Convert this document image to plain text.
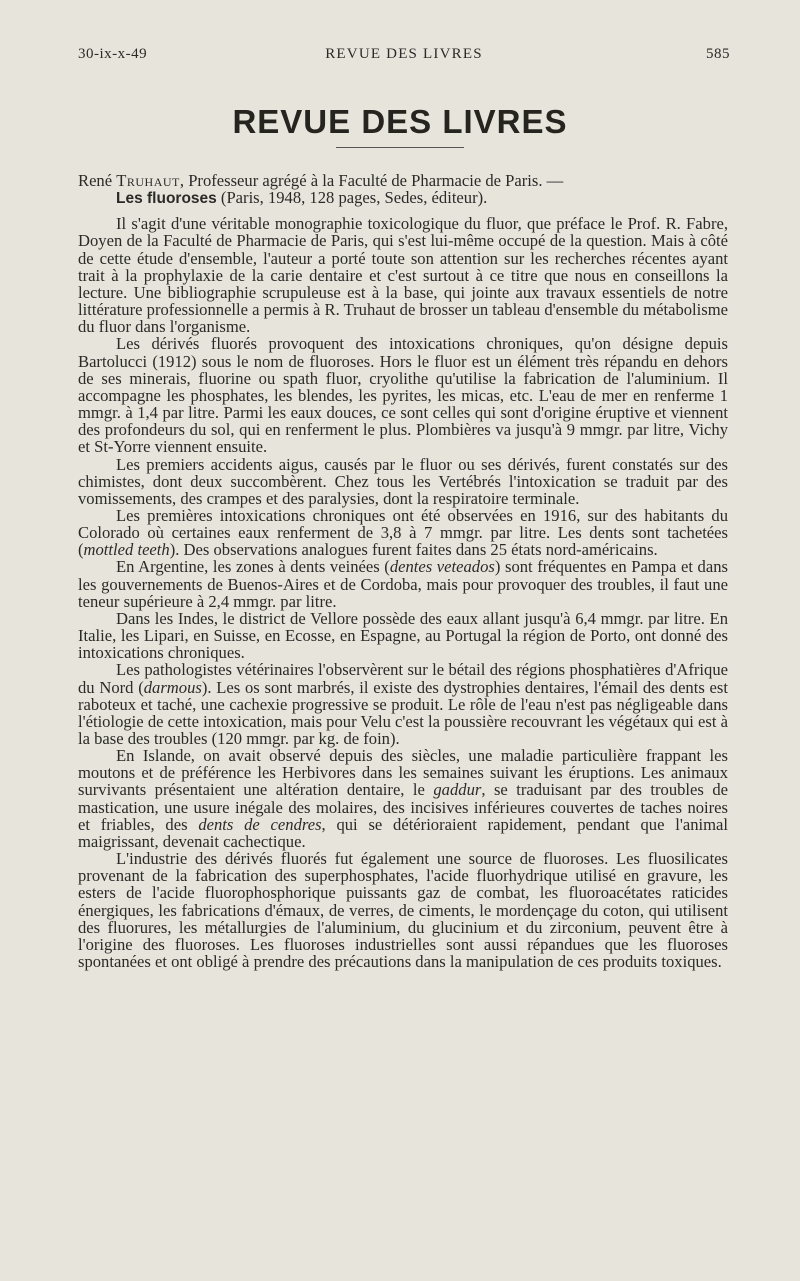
30-ix-x-49	REVUE DES LIVRES	585
REVUE DES LIVRES

René Truhaut, Professeur agrégé à la Faculté de Pharmacie de Paris. —
Les fluoroses (Paris, 1948, 128 pages, Sedes, éditeur).

Il s'agit d'une véritable monographie toxicologique du fluor, que préface le Prof. R. Fabre, Doyen de la Faculté de Pharmacie de Paris, qui s'est lui-même occupé de la question. Mais à côté de cette étude d'ensemble, l'auteur a porté toute son attention sur les recherches récentes ayant trait à la prophylaxie de la carie dentaire et c'est surtout à ce titre que nous en conseillons la lecture. Une bibliographie scrupuleuse est à la base, qui jointe aux travaux essentiels de notre littérature professionnelle a permis à R. Truhaut de brosser un tableau d'ensemble du métabolisme du fluor dans l'organisme.

Les dérivés fluorés provoquent des intoxications chroniques, qu'on désigne depuis Bartolucci (1912) sous le nom de fluoroses. Hors le fluor est un élément très répandu en dehors de ses minerais, fluorine ou spath fluor, cryolithe qu'utilise la fabrication de l'aluminium. Il accompagne les phosphates, les blendes, les pyrites, les micas, etc. L'eau de mer en renferme 1 mmgr. à 1,4 par litre. Parmi les eaux douces, ce sont celles qui sont d'origine éruptive et viennent des profondeurs du sol, qui en renferment le plus. Plombières va jusqu'à 9 mmgr. par litre, Vichy et St-Yorre viennent ensuite.

Les premiers accidents aigus, causés par le fluor ou ses dérivés, furent constatés sur des chimistes, dont deux succombèrent. Chez tous les Vertébrés l'intoxication se traduit par des vomissements, des crampes et des paralysies, dont la respiratoire terminale.

Les premières intoxications chroniques ont été observées en 1916, sur des habitants du Colorado où certaines eaux renferment de 3,8 à 7 mmgr. par litre. Les dents sont tachetées (mottled teeth). Des observations analogues furent faites dans 25 états nord-américains.

En Argentine, les zones à dents veinées (dentes veteados) sont fréquentes en Pampa et dans les gouvernements de Buenos-Aires et de Cordoba, mais pour provoquer des troubles, il faut une teneur supérieure à 2,4 mmgr. par litre.

Dans les Indes, le district de Vellore possède des eaux allant jusqu'à 6,4 mmgr. par litre. En Italie, les Lipari, en Suisse, en Ecosse, en Espagne, au Portugal la région de Porto, ont donné des intoxications chroniques.

Les pathologistes vétérinaires l'observèrent sur le bétail des régions phosphatières d'Afrique du Nord (darmous). Les os sont marbrés, il existe des dystrophies dentaires, l'émail des dents est raboteux et taché, une cachexie progressive se produit. Le rôle de l'eau n'est pas négligeable dans l'étiologie de cette intoxication, mais pour Velu c'est la poussière recouvrant les végétaux qui est à la base des troubles (120 mmgr. par kg. de foin).

En Islande, on avait observé depuis des siècles, une maladie particulière frappant les moutons et de préférence les Herbivores dans les semaines suivant les éruptions. Les animaux survivants présentaient une altération dentaire, le gaddur, se traduisant par des troubles de mastication, une usure inégale des molaires, des incisives inférieures couvertes de taches noires et friables, des dents de cendres, qui se détérioraient rapidement, pendant que l'animal maigrissant, devenait cachectique.

L'industrie des dérivés fluorés fut également une source de fluoroses. Les fluosilicates provenant de la fabrication des superphosphates, l'acide fluorhydrique utilisé en gravure, les esters de l'acide fluorophosphorique puissants gaz de combat, les fluoroacétates raticides énergiques, les fabrications d'émaux, de verres, de ciments, le mordençage du coton, qui utilisent des fluorures, les métallurgies de l'aluminium, du glucinium et du zirconium, peuvent être à l'origine des fluoroses. Les fluoroses industrielles sont aussi répandues que les fluoroses spontanées et ont obligé à prendre des précautions dans la manipulation de ces produits toxiques.
